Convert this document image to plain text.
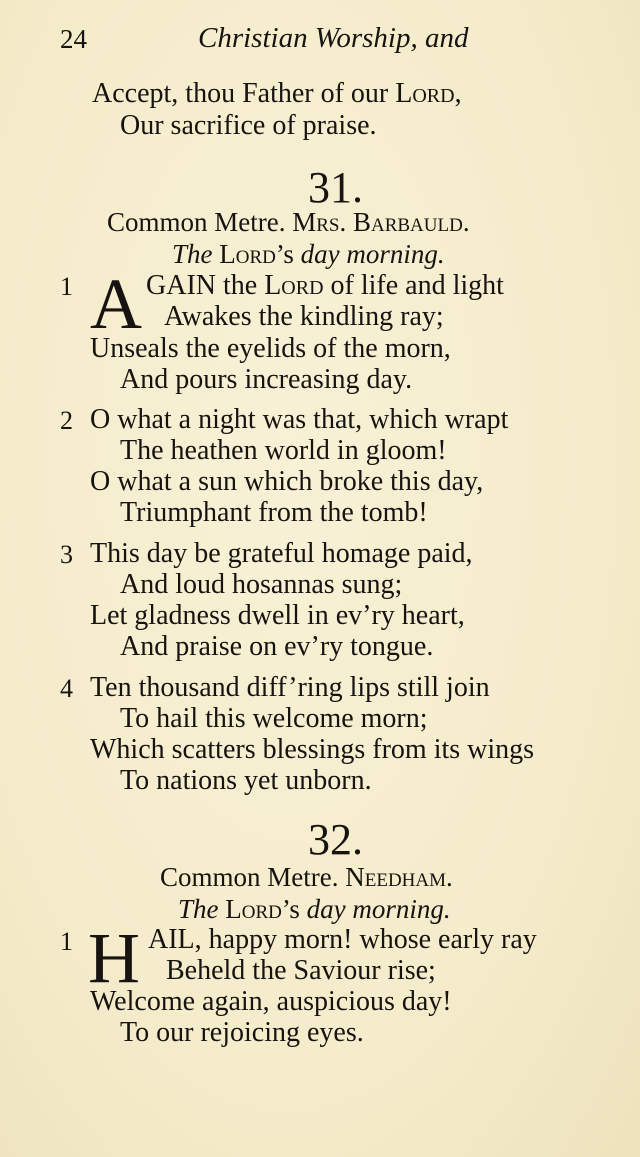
24	Christian Worship, and
Accept, thou Father of our Lord,
Our sacrifice of praise.
31.
Common Metre. Mrs. Barbauld.
The Lord’s day morning.
1 A GAIN the Lord of life and light
Awakes the kindling ray;
Unseals the eyelids of the morn,
And pours increasing day.
2 O what a night was that, which wrapt
The heathen world in gloom!
O what a sun which broke this day,
Triumphant from the tomb!
3 This day be grateful homage paid,
And loud hosannas sung;
Let gladness dwell in ev’ry heart,
And praise on ev’ry tongue.
4 Ten thousand diff’ring lips still join
To hail this welcome morn;
Which scatters blessings from its wings
To nations yet unborn.
32.
Common Metre. Needham.
The Lord’s day morning.
1 H AIL, happy morn! whose early ray
Beheld the Saviour rise;
Welcome again, auspicious day!
To our rejoicing eyes.
